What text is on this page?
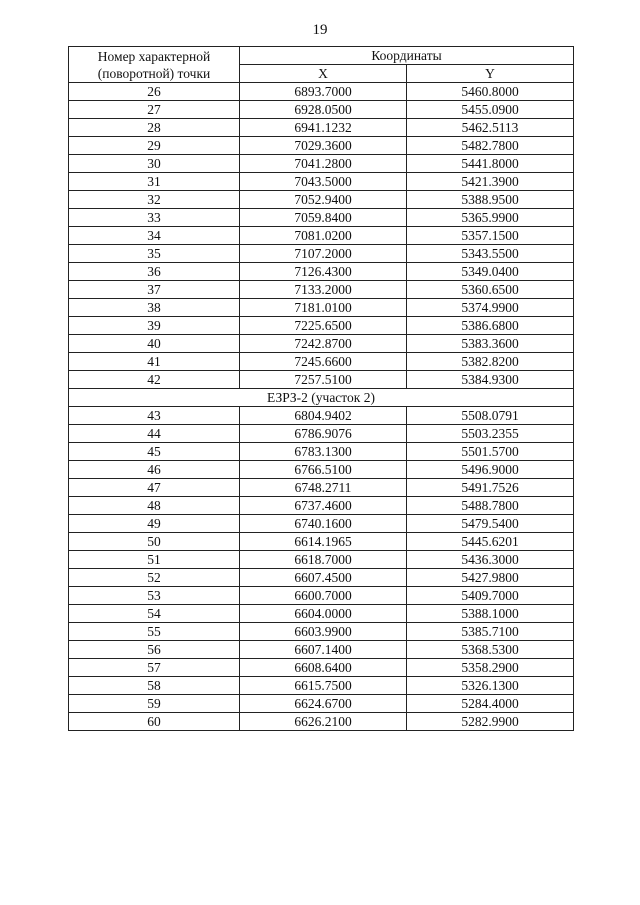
19
Номер характерной
(поворотной) точки	Координаты	
	X	Y
26	6893.7000	5460.8000
27	6928.0500	5455.0900
28	6941.1232	5462.5113
29	7029.3600	5482.7800
30	7041.2800	5441.8000
31	7043.5000	5421.3900
32	7052.9400	5388.9500
33	7059.8400	5365.9900
34	7081.0200	5357.1500
35	7107.2000	5343.5500
36	7126.4300	5349.0400
37	7133.2000	5360.6500
38	7181.0100	5374.9900
39	7225.6500	5386.6800
40	7242.8700	5383.3600
41	7245.6600	5382.8200
42	7257.5100	5384.9300
ЕЗРЗ-2 (участок 2)		
43	6804.9402	5508.0791
44	6786.9076	5503.2355
45	6783.1300	5501.5700
46	6766.5100	5496.9000
47	6748.2711	5491.7526
48	6737.4600	5488.7800
49	6740.1600	5479.5400
50	6614.1965	5445.6201
51	6618.7000	5436.3000
52	6607.4500	5427.9800
53	6600.7000	5409.7000
54	6604.0000	5388.1000
55	6603.9900	5385.7100
56	6607.1400	5368.5300
57	6608.6400	5358.2900
58	6615.7500	5326.1300
59	6624.6700	5284.4000
60	6626.2100	5282.9900
